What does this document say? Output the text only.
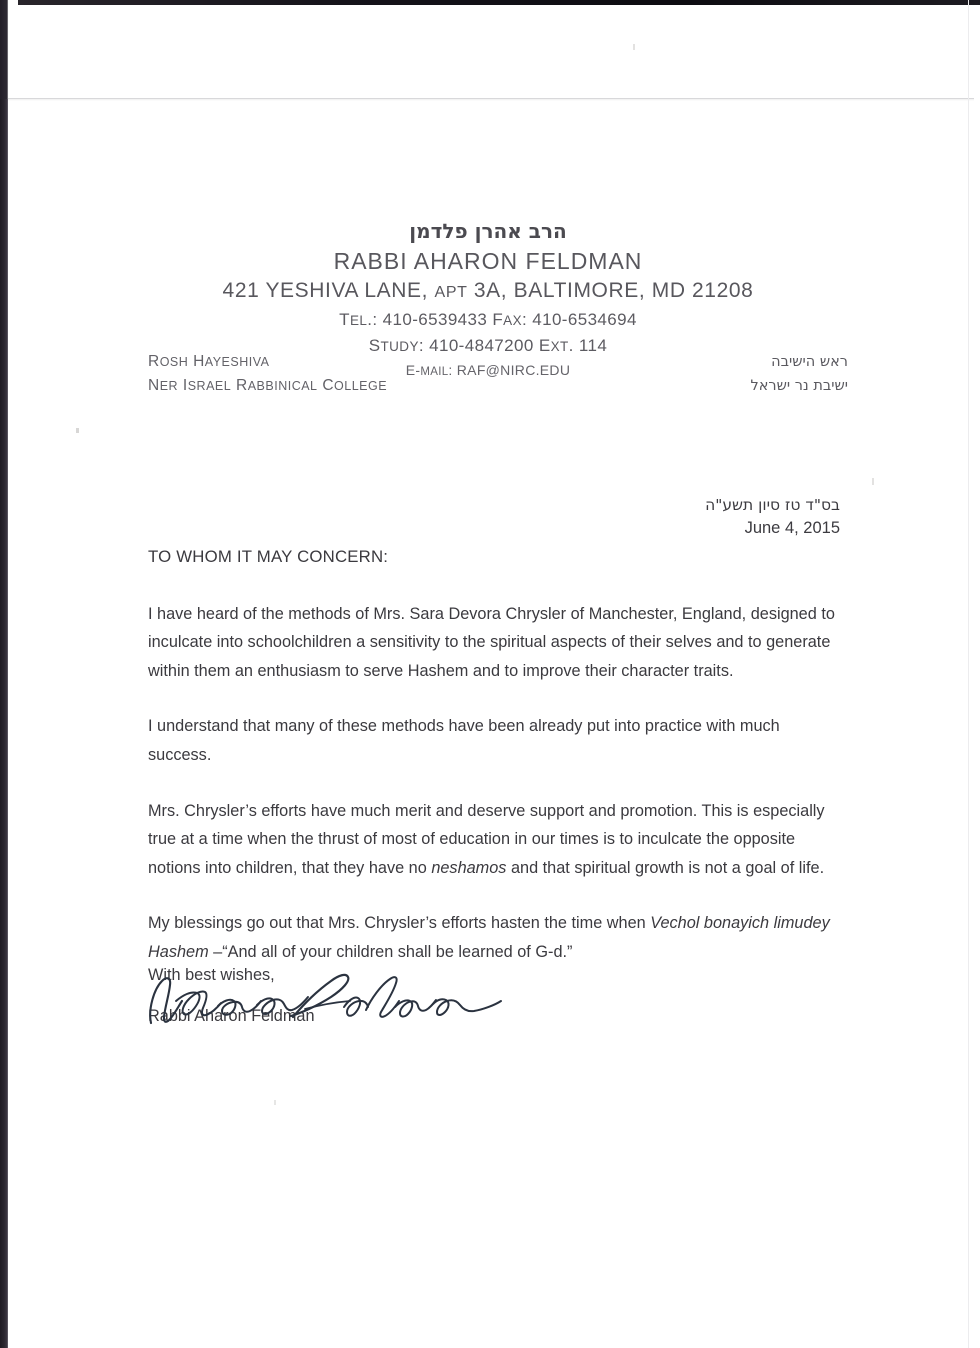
הרב אהרן פלדמן
RABBI AHARON FELDMAN
421 YESHIVA LANE, APT 3A, BALTIMORE, MD 21208
TEL.: 410-6539433 FAX: 410-6534694
STUDY: 410-4847200 EXT. 114
E-MAIL: RAF@NIRC.EDU
ROSH HAYESHIVA
NER ISRAEL RABBINICAL COLLEGE
ראש הישיבה
ישיבת נר ישראל
בס"ד טז סיון תשע"ה
June 4, 2015
TO WHOM IT MAY CONCERN:

I have heard of the methods of Mrs. Sara Devora Chrysler of Manchester, England, designed to inculcate into schoolchildren a sensitivity to the spiritual aspects of their selves and to generate within them an enthusiasm to serve Hashem and to improve their character traits.

I understand that many of these methods have been already put into practice with much success.

Mrs. Chrysler’s efforts have much merit and deserve support and promotion. This is especially true at a time when the thrust of most of education in our times is to inculcate the opposite notions into children, that they have no neshamos and that spiritual growth is not a goal of life.

My blessings go out that Mrs. Chrysler’s efforts hasten the time when Vechol bonayich limudey Hashem –“And all of your children shall be learned of G-d.”

With best wishes,
Rabbi Aharon Feldman
